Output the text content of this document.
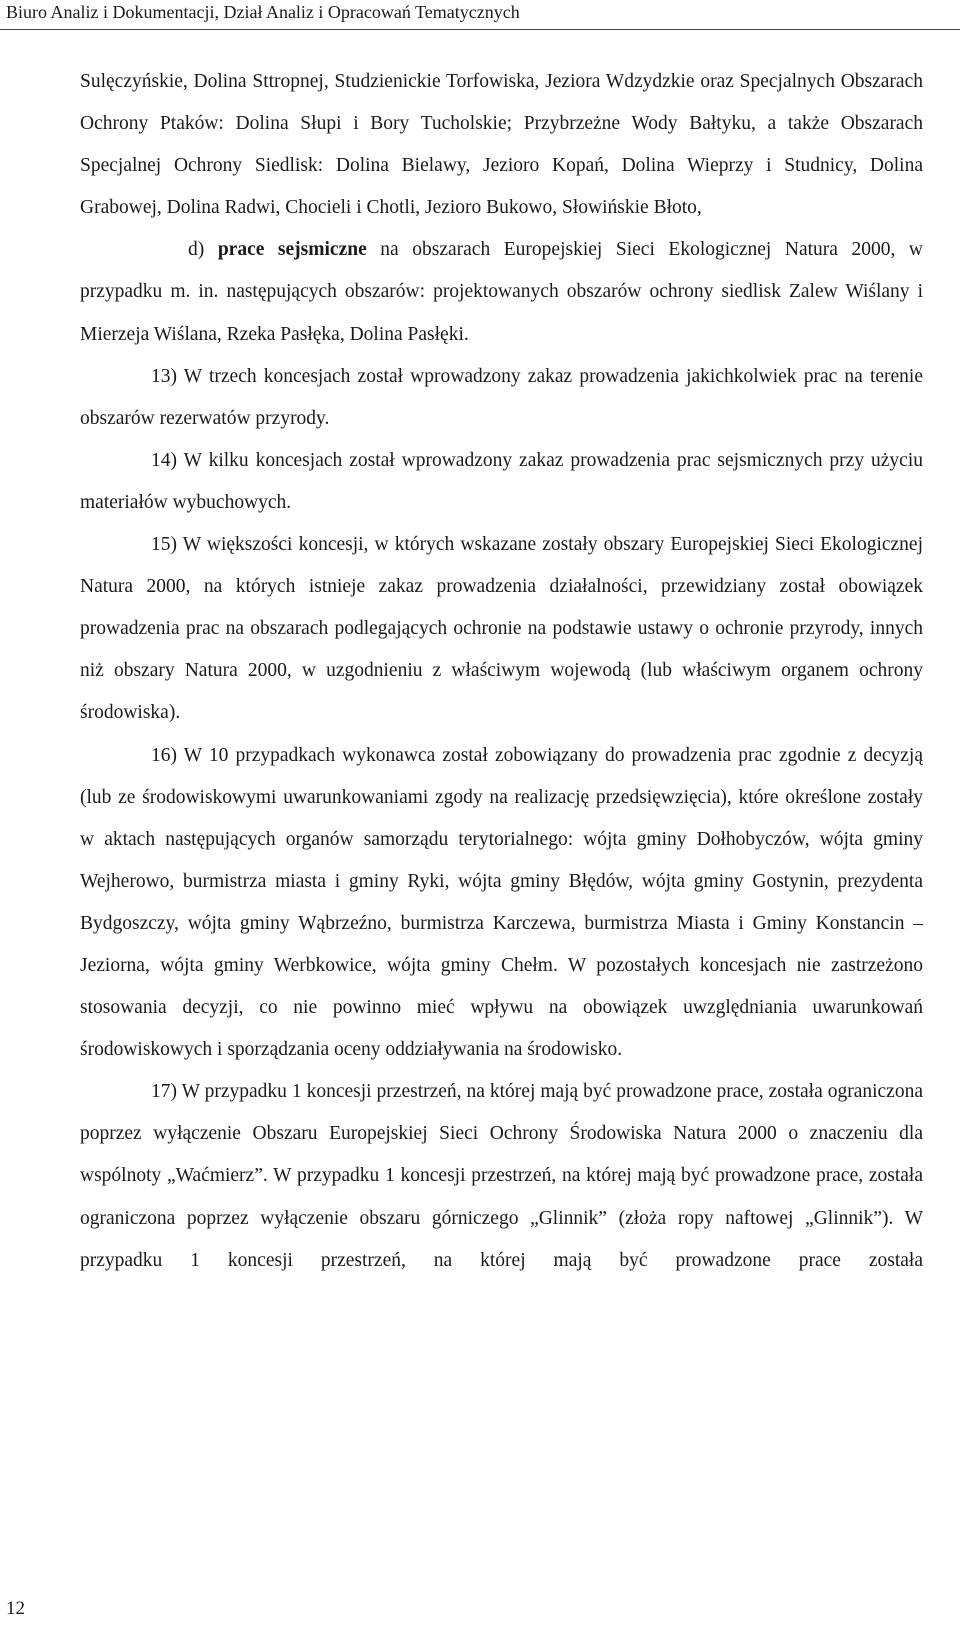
Biuro Analiz i Dokumentacji, Dział Analiz i Opracowań Tematycznych

Sulęczyńskie, Dolina Sttropnej, Studzienickie Torfowiska, Jeziora Wdzydzkie oraz Specjalnych Obszarach Ochrony Ptaków: Dolina Słupi i Bory Tucholskie; Przybrzeżne Wody Bałtyku, a także Obszarach Specjalnej Ochrony Siedlisk: Dolina Bielawy, Jezioro Kopań, Dolina Wieprzy i Studnicy, Dolina Grabowej, Dolina Radwi, Chocieli i Chotli, Jezioro Bukowo, Słowińskie Błoto,

d) prace sejsmiczne na obszarach Europejskiej Sieci Ekologicznej Natura 2000, w przypadku m. in. następujących obszarów: projektowanych obszarów ochrony siedlisk Zalew Wiślany i Mierzeja Wiślana, Rzeka Pasłęka, Dolina Pasłęki.

13) W trzech koncesjach został wprowadzony zakaz prowadzenia jakichkolwiek prac na terenie obszarów rezerwatów przyrody.

14) W kilku koncesjach został wprowadzony zakaz prowadzenia prac sejsmicznych przy użyciu materiałów wybuchowych.

15) W większości koncesji, w których wskazane zostały obszary Europejskiej Sieci Ekologicznej Natura 2000, na których istnieje zakaz prowadzenia działalności, przewidziany został obowiązek prowadzenia prac na obszarach podlegających ochronie na podstawie ustawy o ochronie przyrody, innych niż obszary Natura 2000, w uzgodnieniu z właściwym wojewodą (lub właściwym organem ochrony środowiska).

16) W 10 przypadkach wykonawca został zobowiązany do prowadzenia prac zgodnie z decyzją (lub ze środowiskowymi uwarunkowaniami zgody na realizację przedsięwzięcia), które określone zostały w aktach następujących organów samorządu terytorialnego: wójta gminy Dołhobyczów, wójta gminy Wejherowo, burmistrza miasta i gminy Ryki, wójta gminy Błędów, wójta gminy Gostynin, prezydenta Bydgoszczy, wójta gminy Wąbrzeźno, burmistrza Karczewa, burmistrza Miasta i Gminy Konstancin – Jeziorna, wójta gminy Werbkowice, wójta gminy Chełm. W pozostałych koncesjach nie zastrzeżono stosowania decyzji, co nie powinno mieć wpływu na obowiązek uwzględniania uwarunkowań środowiskowych i sporządzania oceny oddziaływania na środowisko.

17) W przypadku 1 koncesji przestrzeń, na której mają być prowadzone prace, została ograniczona poprzez wyłączenie Obszaru Europejskiej Sieci Ochrony Środowiska Natura 2000 o znaczeniu dla wspólnoty „Waćmierz”. W przypadku 1 koncesji przestrzeń, na której mają być prowadzone prace, została ograniczona poprzez wyłączenie obszaru górniczego „Glinnik” (złoża ropy naftowej „Glinnik”). W przypadku 1 koncesji przestrzeń, na której mają być prowadzone prace została

12
